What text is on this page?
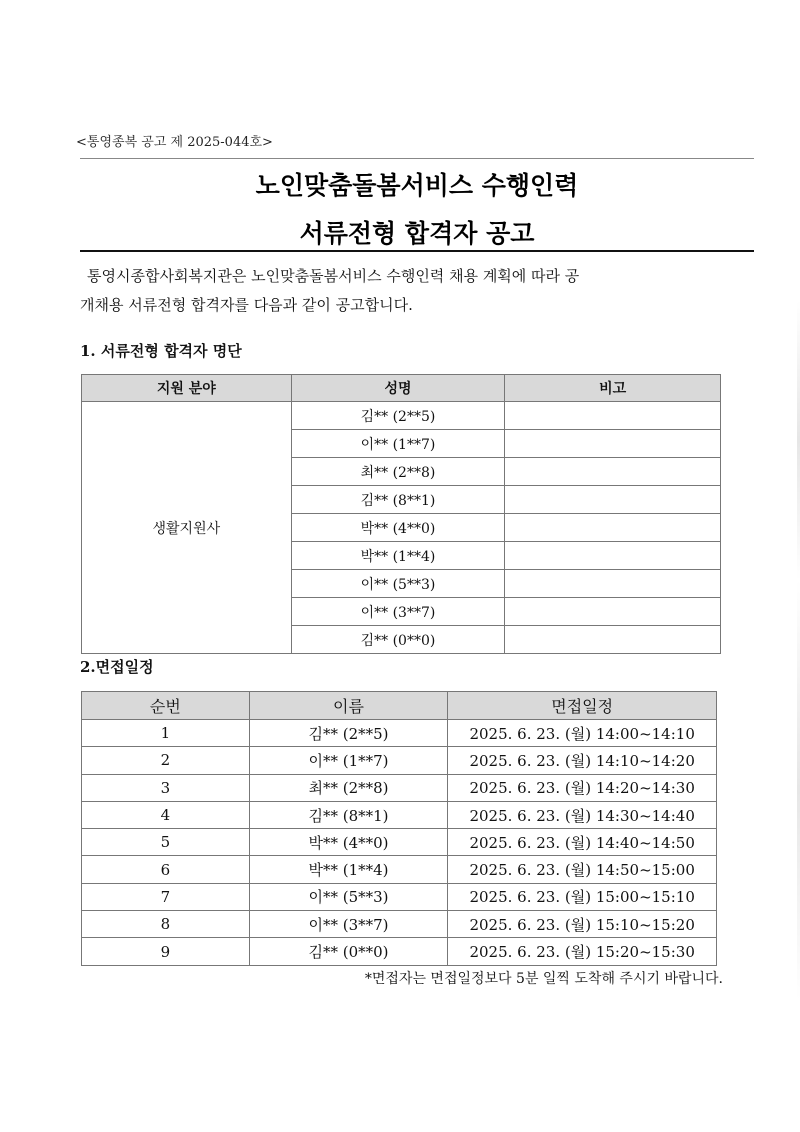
<통영종복 공고 제 2025-044호>
노인맞춤돌봄서비스 수행인력
서류전형 합격자 공고
통영시종합사회복지관은 노인맞춤돌봄서비스 수행인력 채용 계획에 따라 공
개채용 서류전형 합격자를 다음과 같이 공고합니다.
1. 서류전형 합격자 명단
지원 분야	성명	비고
생활지원사	김** (2**5)	
	이** (1**7)	
	최** (2**8)	
	김** (8**1)	
	박** (4**0)	
	박** (1**4)	
	이** (5**3)	
	이** (3**7)	
	김** (0**0)	
2.면접일정
순번	이름	면접일정
1	김** (2**5)	2025. 6. 23. (월) 14:00~14:10
2	이** (1**7)	2025. 6. 23. (월) 14:10~14:20
3	최** (2**8)	2025. 6. 23. (월) 14:20~14:30
4	김** (8**1)	2025. 6. 23. (월) 14:30~14:40
5	박** (4**0)	2025. 6. 23. (월) 14:40~14:50
6	박** (1**4)	2025. 6. 23. (월) 14:50~15:00
7	이** (5**3)	2025. 6. 23. (월) 15:00~15:10
8	이** (3**7)	2025. 6. 23. (월) 15:10~15:20
9	김** (0**0)	2025. 6. 23. (월) 15:20~15:30
*면접자는 면접일정보다 5분 일찍 도착해 주시기 바랍니다.
